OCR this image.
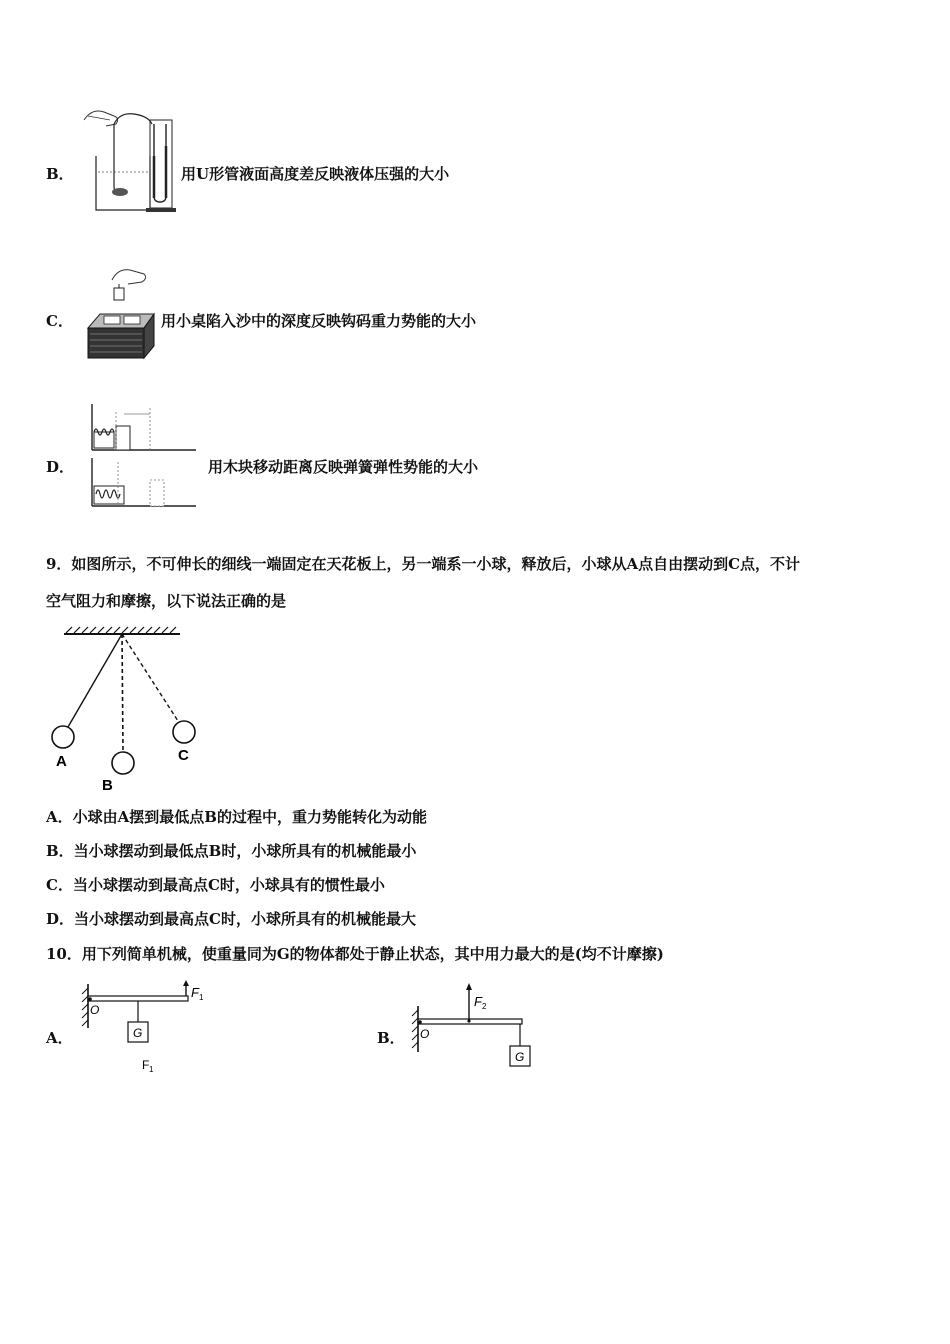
B．	用U形管液面高度差反映液体压强的大小
C．	用小桌陷入沙中的深度反映钩码重力势能的大小
D．	用木块移动距离反映弹簧弹性势能的大小
9．如图所示，不可伸长的细线一端固定在天花板上，另一端系一小球，释放后，小球从A点自由摆动到C点，不计
空气阻力和摩擦，以下说法正确的是
A
B
C
A．小球由A摆到最低点B的过程中，重力势能转化为动能
B．当小球摆动到最低点B时，小球所具有的机械能最小
C．当小球摆动到最高点C时，小球具有的惯性最小
D．当小球摆动到最高点C时，小球所具有的机械能最大
10．用下列简单机械，使重量同为G的物体都处于静止状态，其中用力最大的是(均不计摩擦)
A．
F 1
O
G
F 1
B．
F 2
O
G
